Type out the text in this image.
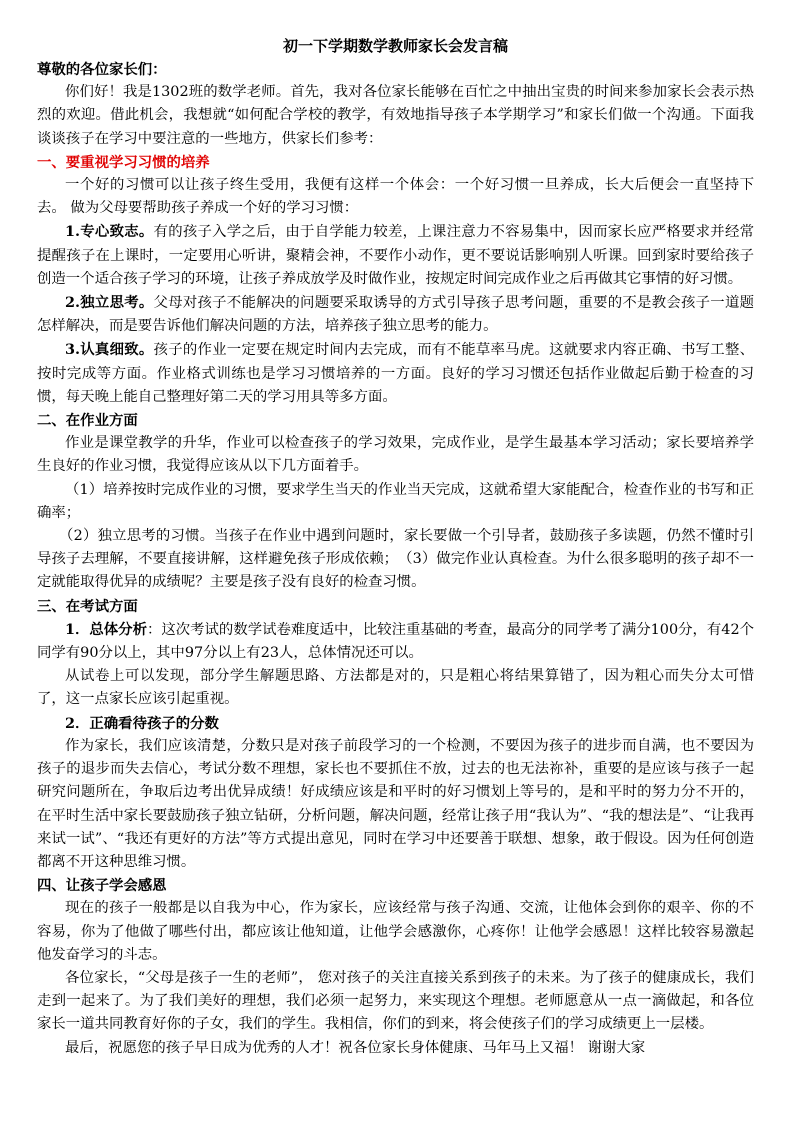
初一下学期数学教师家长会发言稿

尊敬的各位家长们：

你们好！我是1302班的数学老师。首先，我对各位家长能够在百忙之中抽出宝贵的时间来参加家长会表示热烈的欢迎。借此机会，我想就“如何配合学校的教学，有效地指导孩子本学期学习”和家长们做一个沟通。下面我谈谈孩子在学习中要注意的一些地方，供家长们参考：

一、要重视学习习惯的培养

一个好的习惯可以让孩子终生受用，我便有这样一个体会：一个好习惯一旦养成，长大后便会一直坚持下去。 做为父母要帮助孩子养成一个好的学习习惯：

1.专心致志。有的孩子入学之后，由于自学能力较差，上课注意力不容易集中，因而家长应严格要求并经常提醒孩子在上课时，一定要用心听讲，聚精会神，不要作小动作，更不要说话影响别人听课。回到家时要给孩子创造一个适合孩子学习的环境，让孩子养成放学及时做作业，按规定时间完成作业之后再做其它事情的好习惯。

2.独立思考。父母对孩子不能解决的问题要采取诱导的方式引导孩子思考问题，重要的不是教会孩子一道题怎样解决，而是要告诉他们解决问题的方法，培养孩子独立思考的能力。

3.认真细致。孩子的作业一定要在规定时间内去完成，而有不能草率马虎。这就要求内容正确、书写工整、按时完成等方面。作业格式训练也是学习习惯培养的一方面。良好的学习习惯还包括作业做起后勤于检查的习惯，每天晚上能自己整理好第二天的学习用具等多方面。

二、在作业方面

作业是课堂教学的升华，作业可以检查孩子的学习效果，完成作业，是学生最基本学习活动；家长要培养学生良好的作业习惯，我觉得应该从以下几方面着手。

（1）培养按时完成作业的习惯，要求学生当天的作业当天完成，这就希望大家能配合，检查作业的书写和正确率；

（2）独立思考的习惯。当孩子在作业中遇到问题时，家长要做一个引导者，鼓励孩子多读题，仍然不懂时引导孩子去理解，不要直接讲解，这样避免孩子形成依赖；　（3）做完作业认真检查。为什么很多聪明的孩子却不一定就能取得优异的成绩呢？主要是孩子没有良好的检查习惯。

三、在考试方面

1．总体分析：这次考试的数学试卷难度适中，比较注重基础的考查，最高分的同学考了满分100分，有42个同学有90分以上，其中97分以上有23人，总体情况还可以。

从试卷上可以发现，部分学生解题思路、方法都是对的，只是粗心将结果算错了，因为粗心而失分太可惜了，这一点家长应该引起重视。

2．正确看待孩子的分数

作为家长，我们应该清楚，分数只是对孩子前段学习的一个检测，不要因为孩子的进步而自满，也不要因为孩子的退步而失去信心，考试分数不理想，家长也不要抓住不放，过去的也无法祢补，重要的是应该与孩子一起研究问题所在，争取后边考出优异成绩！好成绩应该是和平时的好习惯划上等号的，是和平时的努力分不开的，在平时生活中家长要鼓励孩子独立钻研，分析问题，解决问题，经常让孩子用“我认为”、“我的想法是”、“让我再来试一试”、“我还有更好的方法”等方式提出意见，同时在学习中还要善于联想、想象，敢于假设。因为任何创造都离不开这种思维习惯。

四、让孩子学会感恩

现在的孩子一般都是以自我为中心，作为家长，应该经常与孩子沟通、交流，让他体会到你的艰辛、你的不容易，你为了他做了哪些付出，都应该让他知道，让他学会感激你，心疼你！让他学会感恩！这样比较容易激起他发奋学习的斗志。

各位家长，“父母是孩子一生的老师”， 您对孩子的关注直接关系到孩子的未来。为了孩子的健康成长，我们走到一起来了。为了我们美好的理想，我们必须一起努力，来实现这个理想。老师愿意从一点一滴做起，和各位家长一道共同教育好你的子女，我们的学生。我相信，你们的到来，将会使孩子们的学习成绩更上一层楼。

最后，祝愿您的孩子早日成为优秀的人才！祝各位家长身体健康、马年马上又福！ 谢谢大家
